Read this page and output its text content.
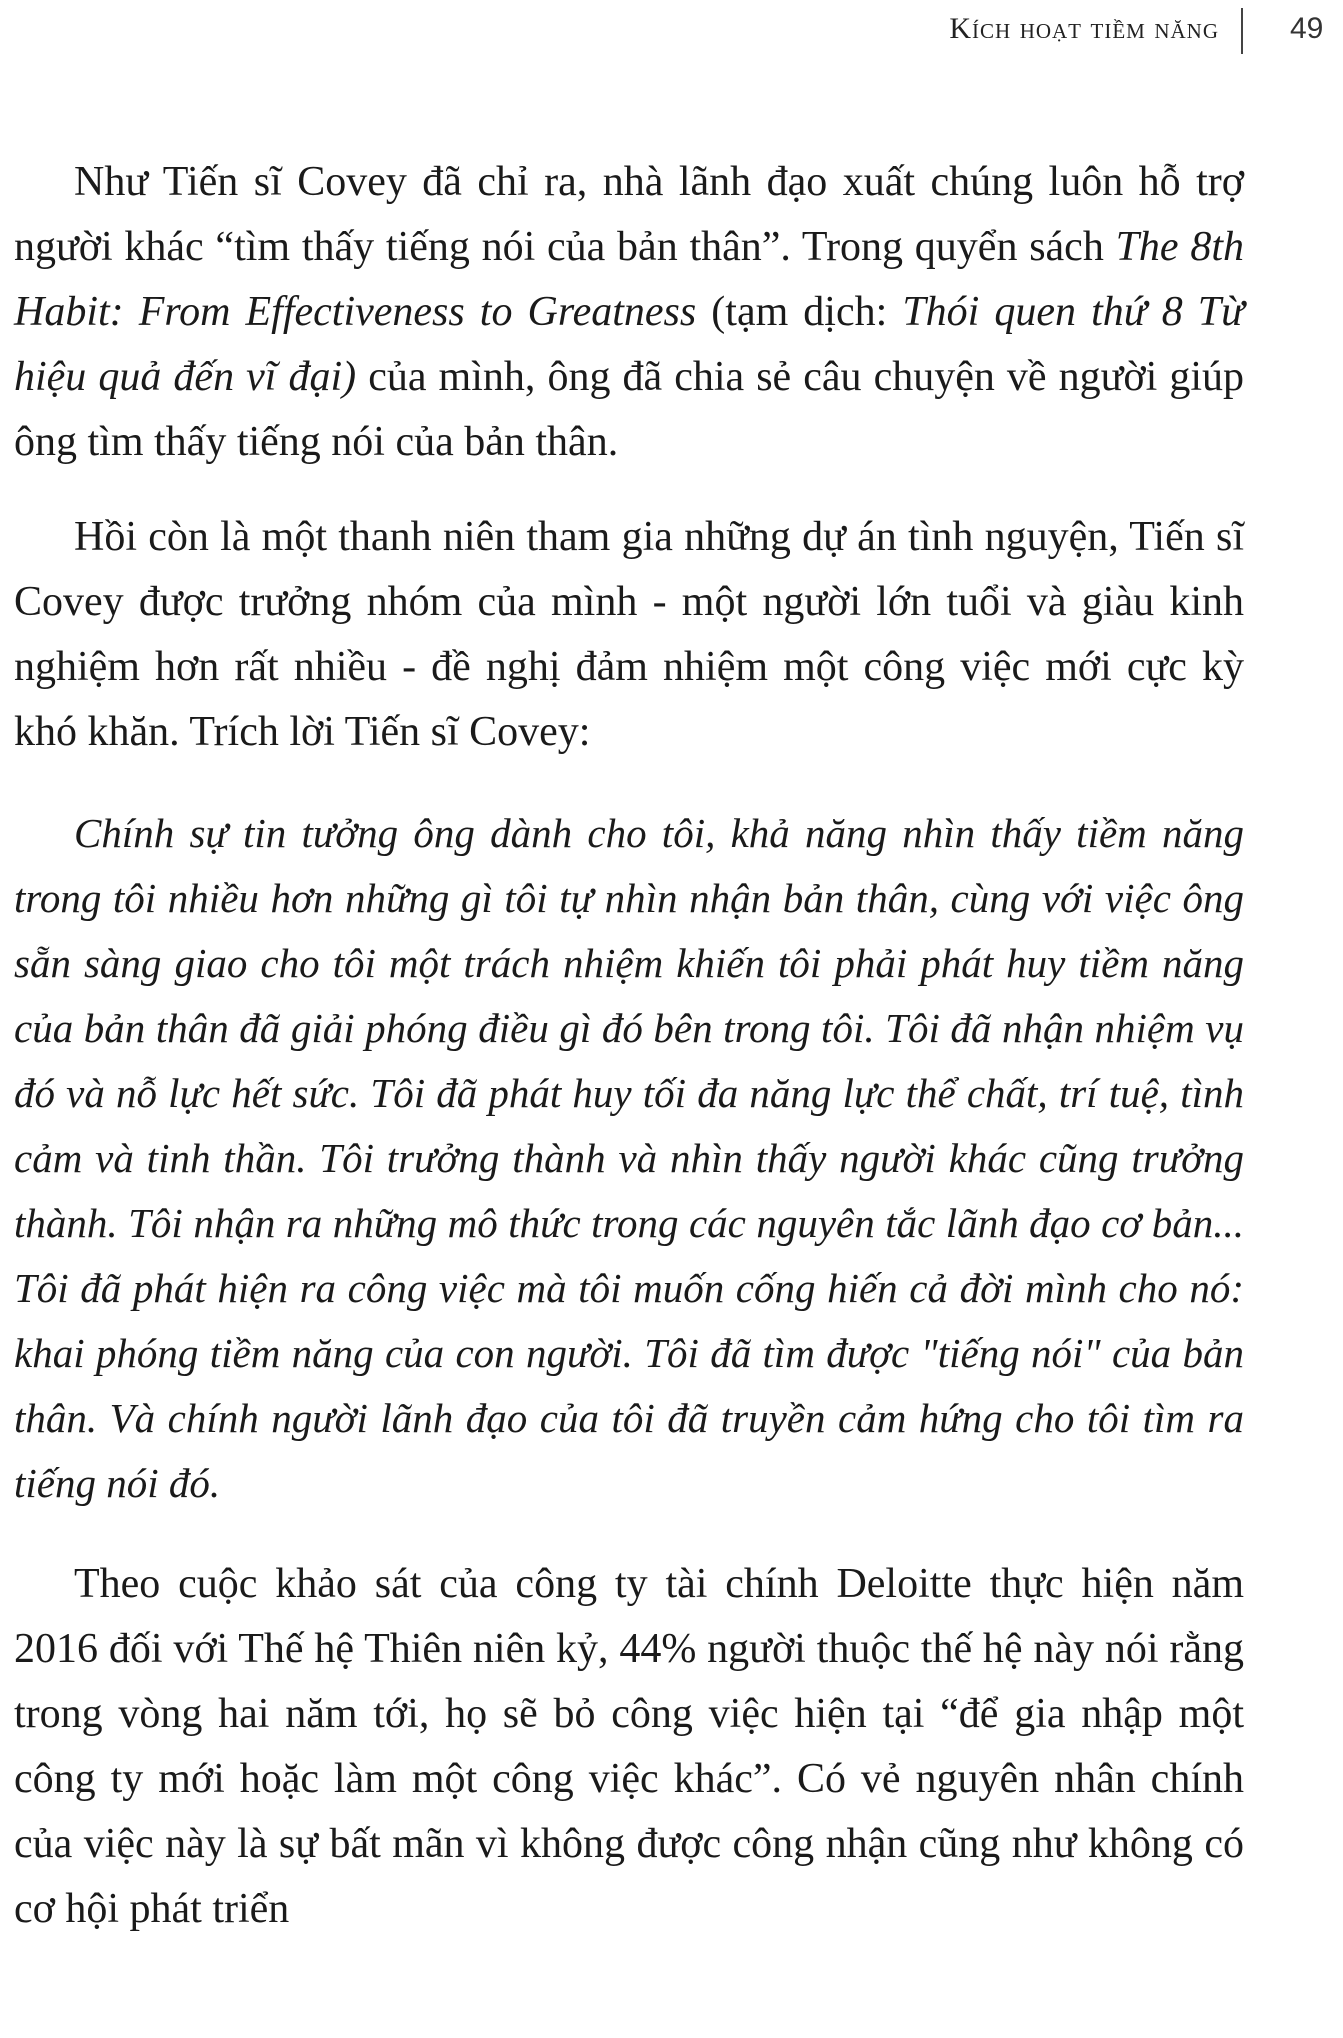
Kích hoạt tiềm năng 49

Như Tiến sĩ Covey đã chỉ ra, nhà lãnh đạo xuất chúng luôn hỗ trợ người khác “tìm thấy tiếng nói của bản thân”. Trong quyển sách The 8th Habit: From Effectiveness to Greatness (tạm dịch: Thói quen thứ 8 Từ hiệu quả đến vĩ đại) của mình, ông đã chia sẻ câu chuyện về người giúp ông tìm thấy tiếng nói của bản thân.

Hồi còn là một thanh niên tham gia những dự án tình nguyện, Tiến sĩ Covey được trưởng nhóm của mình - một người lớn tuổi và giàu kinh nghiệm hơn rất nhiều - đề nghị đảm nhiệm một công việc mới cực kỳ khó khăn. Trích lời Tiến sĩ Covey:

Chính sự tin tưởng ông dành cho tôi, khả năng nhìn thấy tiềm năng trong tôi nhiều hơn những gì tôi tự nhìn nhận bản thân, cùng với việc ông sẵn sàng giao cho tôi một trách nhiệm khiến tôi phải phát huy tiềm năng của bản thân đã giải phóng điều gì đó bên trong tôi. Tôi đã nhận nhiệm vụ đó và nỗ lực hết sức. Tôi đã phát huy tối đa năng lực thể chất, trí tuệ, tình cảm và tinh thần. Tôi trưởng thành và nhìn thấy người khác cũng trưởng thành. Tôi nhận ra những mô thức trong các nguyên tắc lãnh đạo cơ bản... Tôi đã phát hiện ra công việc mà tôi muốn cống hiến cả đời mình cho nó: khai phóng tiềm năng của con người. Tôi đã tìm được "tiếng nói" của bản thân. Và chính người lãnh đạo của tôi đã truyền cảm hứng cho tôi tìm ra tiếng nói đó.

Theo cuộc khảo sát của công ty tài chính Deloitte thực hiện năm 2016 đối với Thế hệ Thiên niên kỷ, 44% người thuộc thế hệ này nói rằng trong vòng hai năm tới, họ sẽ bỏ công việc hiện tại “để gia nhập một công ty mới hoặc làm một công việc khác”. Có vẻ nguyên nhân chính của việc này là sự bất mãn vì không được công nhận cũng như không có cơ hội phát triển
